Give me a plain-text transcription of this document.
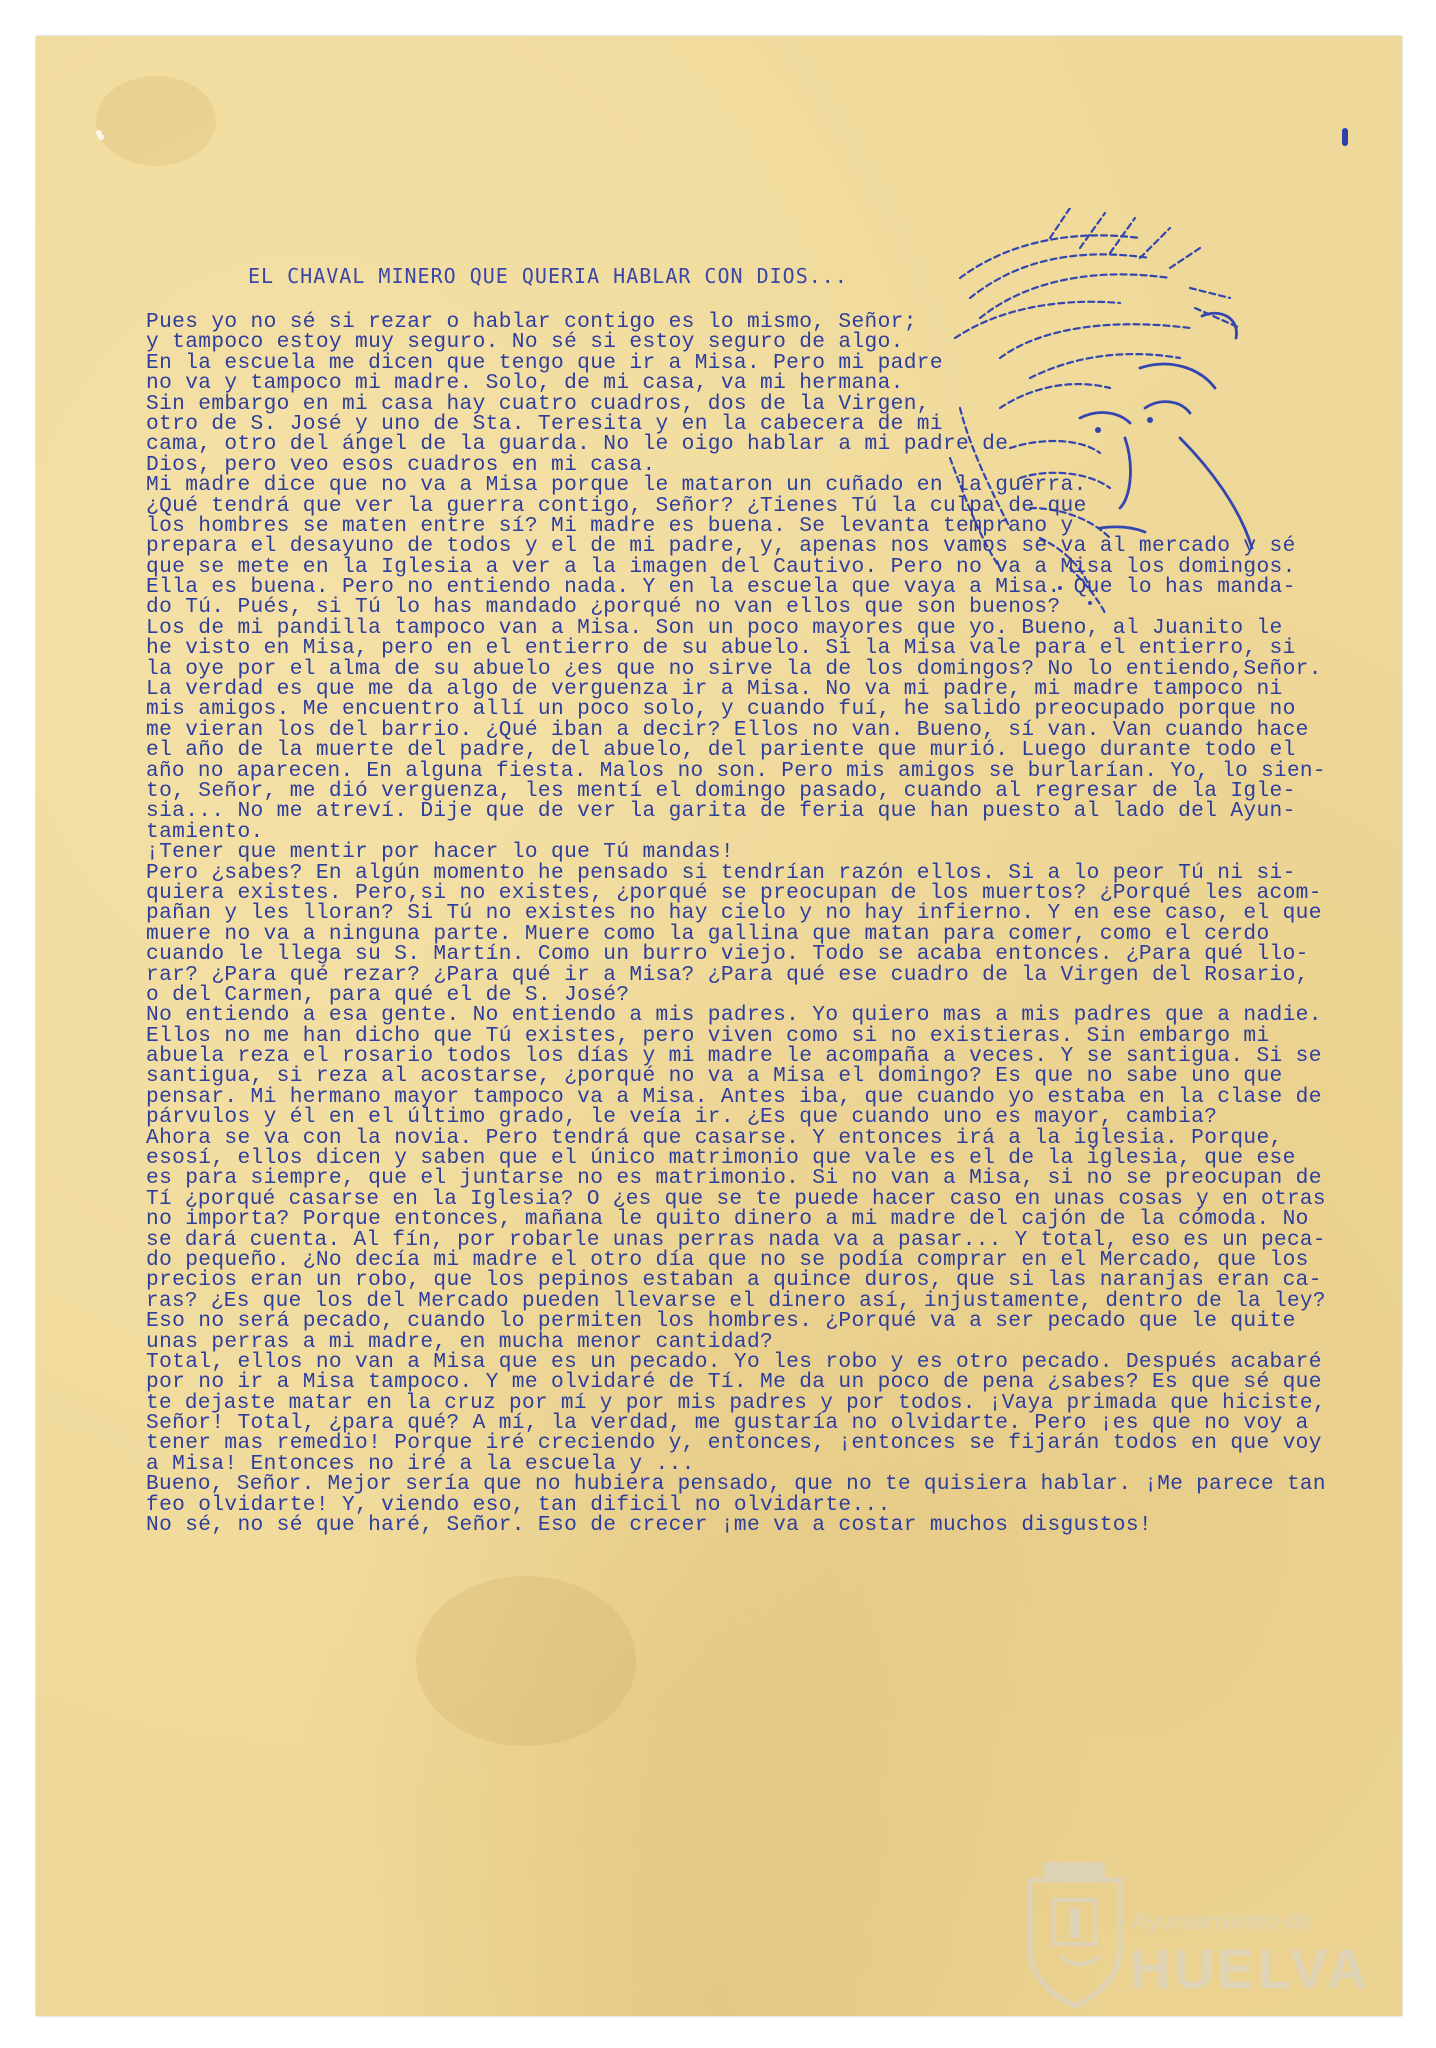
EL CHAVAL MINERO QUE QUERIA HABLAR CON DIOS...
Pues yo no sé si rezar o hablar contigo es lo mismo, Señor;
y tampoco estoy muy seguro. No sé si estoy seguro de algo.
En la escuela me dicen que tengo que ir a Misa. Pero mi padre
no va y tampoco mi madre. Solo, de mi casa, va mi hermana.
Sin embargo en mi casa hay cuatro cuadros, dos de la Virgen,
otro de S. José y uno de Sta. Teresita y en la cabecera de mi
cama, otro del ángel de la guarda. No le oigo hablar a mi padre de
Dios, pero veo esos cuadros en mi casa.
Mi madre dice que no va a Misa porque le mataron un cuñado en la guerra.
¿Qué tendrá que ver la guerra contigo, Señor? ¿Tienes Tú la culpa de que
los hombres se maten entre sí? Mi madre es buena. Se levanta temprano y
prepara el desayuno de todos y el de mi padre, y, apenas nos vamos se va al mercado y sé
que se mete en la Iglesia a ver a la imagen del Cautivo. Pero no va a Misa los domingos.
Ella es buena. Pero no entiendo nada. Y en la escuela que vaya a Misa. Que lo has manda-
do Tú. Pués, si Tú lo has mandado ¿porqué no van ellos que son buenos?
Los de mi pandilla tampoco van a Misa. Son un poco mayores que yo. Bueno, al Juanito le
he visto en Misa, pero en el entierro de su abuelo. Si la Misa vale para el entierro, si
la oye por el alma de su abuelo ¿es que no sirve la de los domingos? No lo entiendo,Señor.
La verdad es que me da algo de verguenza ir a Misa. No va mi padre, mi madre tampoco ni
mis amigos. Me encuentro allí un poco solo, y cuando fuí, he salido preocupado porque no
me vieran los del barrio. ¿Qué iban a decir? Ellos no van. Bueno, sí van. Van cuando hace
el año de la muerte del padre, del abuelo, del pariente que murió. Luego durante todo el
año no aparecen. En alguna fiesta. Malos no son. Pero mis amigos se burlarían. Yo, lo sien-
to, Señor, me dió verguenza, les mentí el domingo pasado, cuando al regresar de la Igle-
sia... No me atreví. Dije que de ver la garita de feria que han puesto al lado del Ayun-
tamiento.
¡Tener que mentir por hacer lo que Tú mandas!
Pero ¿sabes? En algún momento he pensado si tendrían razón ellos. Si a lo peor Tú ni si-
quiera existes. Pero,si no existes, ¿porqué se preocupan de los muertos? ¿Porqué les acom-
pañan y les lloran? Si Tú no existes no hay cielo y no hay infierno. Y en ese caso, el que
muere no va a ninguna parte. Muere como la gallina que matan para comer, como el cerdo
cuando le llega su S. Martín. Como un burro viejo. Todo se acaba entonces. ¿Para qué llo-
rar? ¿Para qué rezar? ¿Para qué ir a Misa? ¿Para qué ese cuadro de la Virgen del Rosario,
o del Carmen, para qué el de S. José?
No entiendo a esa gente. No entiendo a mis padres. Yo quiero mas a mis padres que a nadie.
Ellos no me han dicho que Tú existes, pero viven como si no existieras. Sin embargo mi
abuela reza el rosario todos los días y mi madre le acompaña a veces. Y se santigua. Si se
santigua, si reza al acostarse, ¿porqué no va a Misa el domingo? Es que no sabe uno que
pensar. Mi hermano mayor tampoco va a Misa. Antes iba, que cuando yo estaba en la clase de
párvulos y él en el último grado, le veía ir. ¿Es que cuando uno es mayor, cambia?
Ahora se va con la novia. Pero tendrá que casarse. Y entonces irá a la iglesia. Porque,
esosí, ellos dicen y saben que el único matrimonio que vale es el de la iglesia, que ese
es para siempre, que el juntarse no es matrimonio. Si no van a Misa, si no se preocupan de
Tí ¿porqué casarse en la Iglesia? O ¿es que se te puede hacer caso en unas cosas y en otras
no importa? Porque entonces, mañana le quito dinero a mi madre del cajón de la cómoda. No
se dará cuenta. Al fín, por robarle unas perras nada va a pasar... Y total, eso es un peca-
do pequeño. ¿No decía mi madre el otro día que no se podía comprar en el Mercado, que los
precios eran un robo, que los pepinos estaban a quince duros, que si las naranjas eran ca-
ras? ¿Es que los del Mercado pueden llevarse el dinero así, injustamente, dentro de la ley?
Eso no será pecado, cuando lo permiten los hombres. ¿Porqué va a ser pecado que le quite
unas perras a mi madre, en mucha menor cantidad?
Total, ellos no van a Misa que es un pecado. Yo les robo y es otro pecado. Después acabaré
por no ir a Misa tampoco. Y me olvidaré de Tí. Me da un poco de pena ¿sabes? Es que sé que
te dejaste matar en la cruz por mí y por mis padres y por todos. ¡Vaya primada que hiciste,
Señor! Total, ¿para qué? A mí, la verdad, me gustaría no olvidarte. Pero ¡es que no voy a
tener mas remedio! Porque iré creciendo y, entonces, ¡entonces se fijarán todos en que voy
a Misa! Entonces no iré a la escuela y ...
Bueno, Señor. Mejor sería que no hubiera pensado, que no te quisiera hablar. ¡Me parece tan
feo olvidarte! Y, viendo eso, tan dificil no olvidarte...
No sé, no sé que haré, Señor. Eso de crecer ¡me va a costar muchos disgustos!
Ayuntamiento de
HUELVA
